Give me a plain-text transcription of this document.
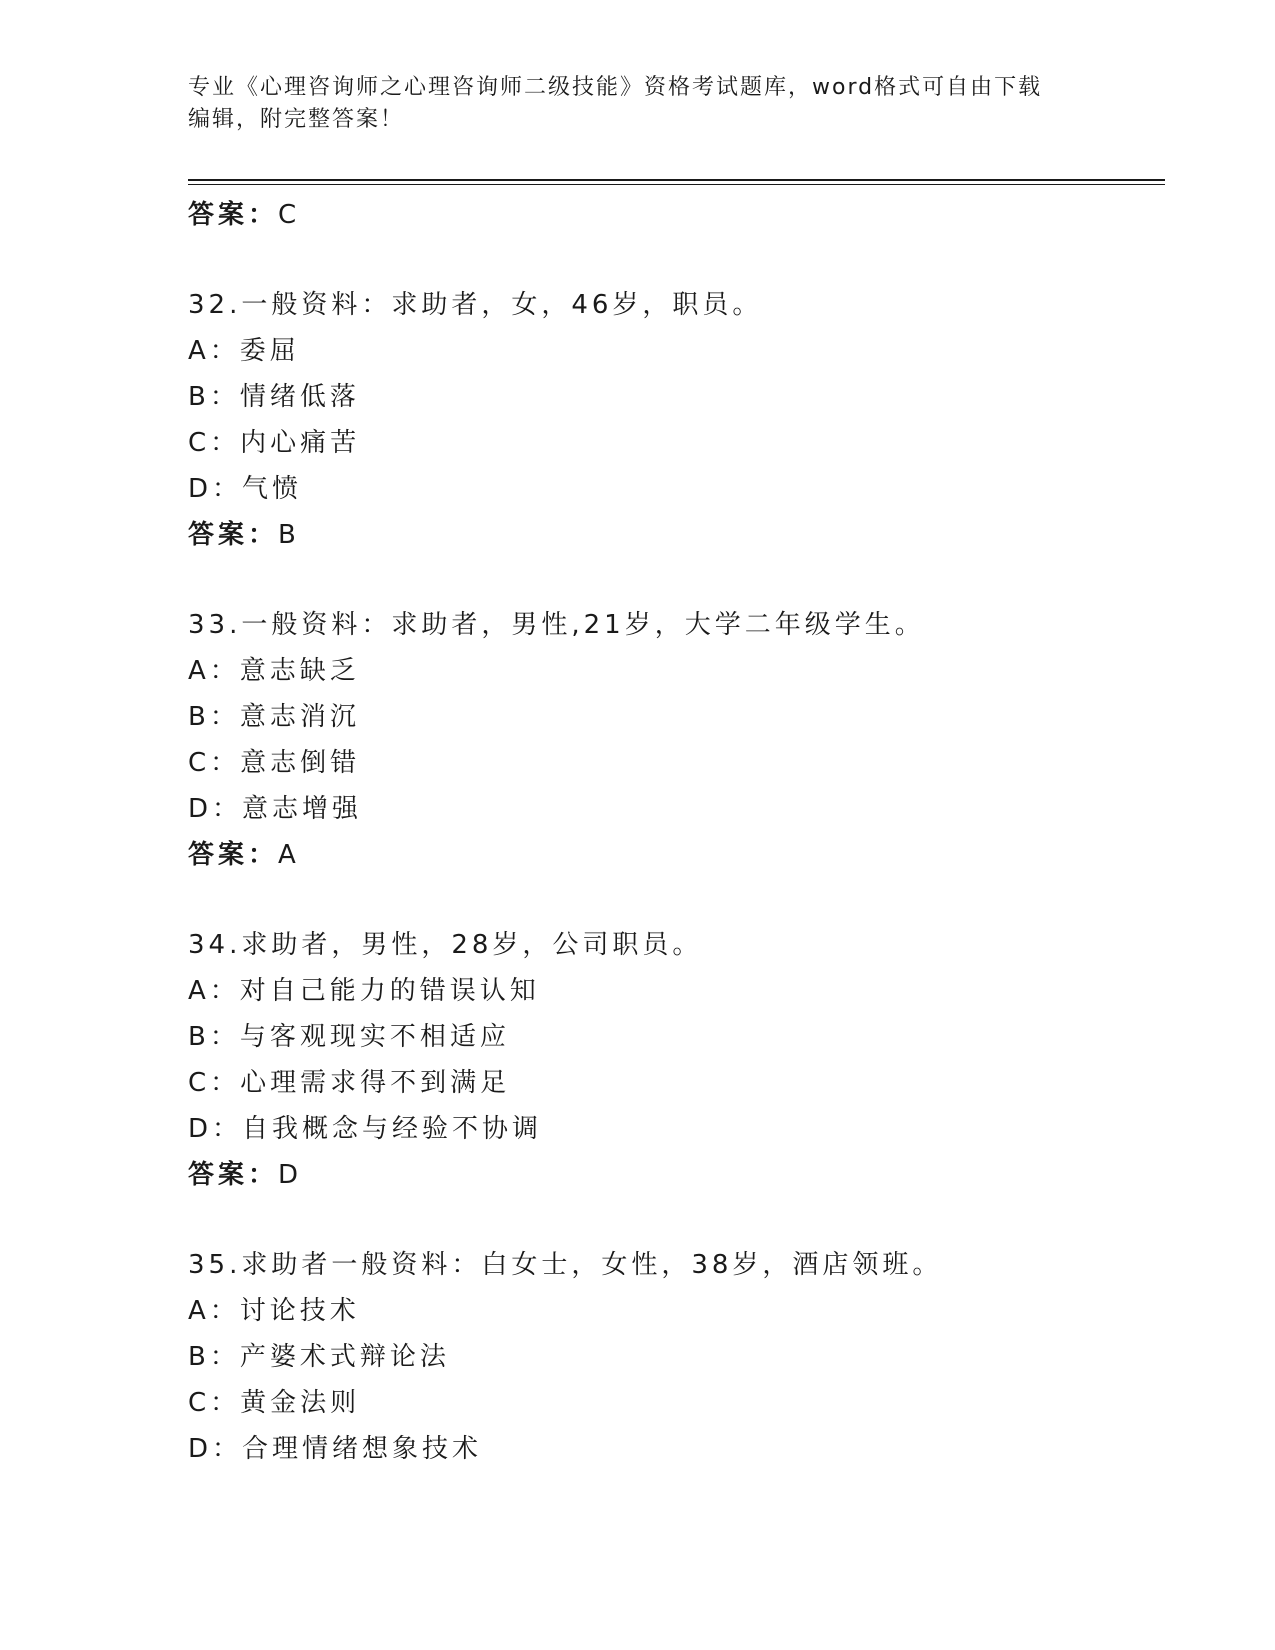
专业《心理咨询师之心理咨询师二级技能》资格考试题库，word格式可自由下载
编辑，附完整答案！
答案：C
32.一般资料：求助者，女，46岁，职员。
A：委屈
B：情绪低落
C：内心痛苦
D：气愤
答案：B
33.一般资料：求助者，男性,21岁，大学二年级学生。
A：意志缺乏
B：意志消沉
C：意志倒错
D：意志增强
答案：A
34.求助者，男性，28岁，公司职员。
A：对自己能力的错误认知
B：与客观现实不相适应
C：心理需求得不到满足
D：自我概念与经验不协调
答案：D
35.求助者一般资料：白女士，女性，38岁，酒店领班。
A：讨论技术
B：产婆术式辩论法
C：黄金法则
D：合理情绪想象技术
